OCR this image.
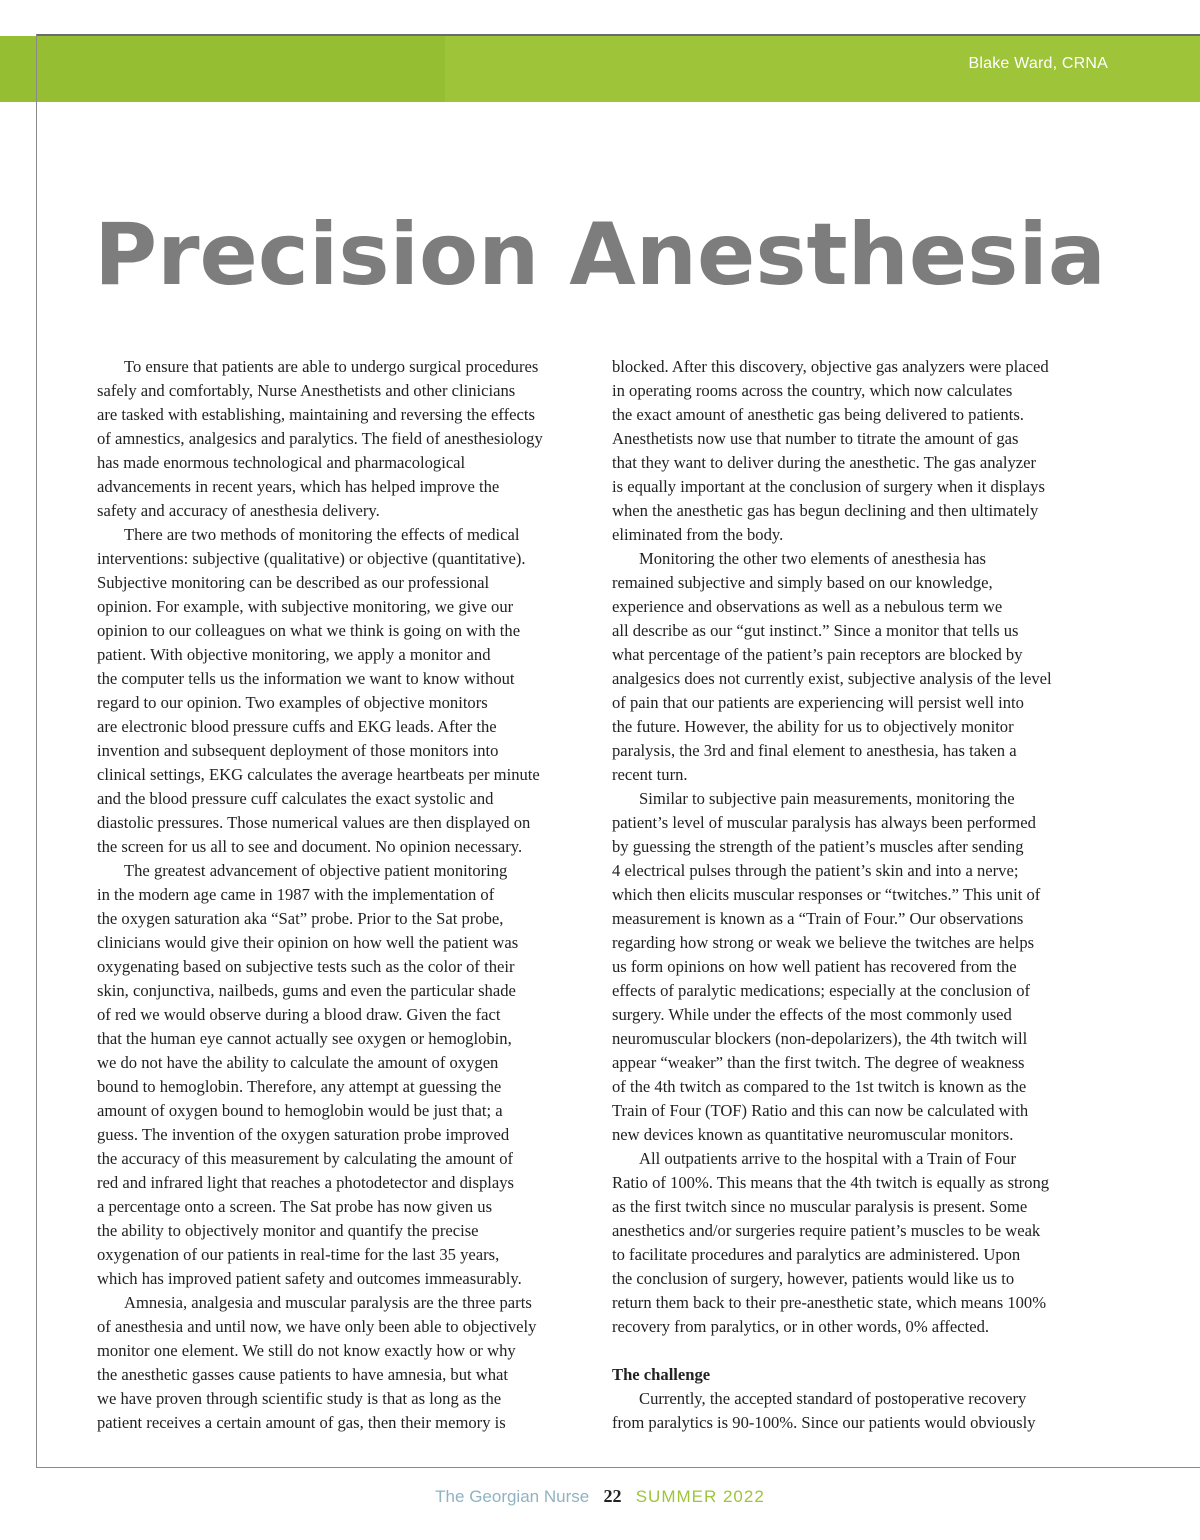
Blake Ward, CRNA
Precision Anesthesia
To ensure that patients are able to undergo surgical procedures
safely and comfortably, Nurse Anesthetists and other clinicians
are tasked with establishing, maintaining and reversing the effects
of amnestics, analgesics and paralytics. The field of anesthesiology
has made enormous technological and pharmacological
advancements in recent years, which has helped improve the
safety and accuracy of anesthesia delivery.
There are two methods of monitoring the effects of medical
interventions: subjective (qualitative) or objective (quantitative).
Subjective monitoring can be described as our professional
opinion. For example, with subjective monitoring, we give our
opinion to our colleagues on what we think is going on with the
patient. With objective monitoring, we apply a monitor and
the computer tells us the information we want to know without
regard to our opinion. Two examples of objective monitors
are electronic blood pressure cuffs and EKG leads. After the
invention and subsequent deployment of those monitors into
clinical settings, EKG calculates the average heartbeats per minute
and the blood pressure cuff calculates the exact systolic and
diastolic pressures. Those numerical values are then displayed on
the screen for us all to see and document. No opinion necessary.
The greatest advancement of objective patient monitoring
in the modern age came in 1987 with the implementation of
the oxygen saturation aka “Sat” probe. Prior to the Sat probe,
clinicians would give their opinion on how well the patient was
oxygenating based on subjective tests such as the color of their
skin, conjunctiva, nailbeds, gums and even the particular shade
of red we would observe during a blood draw. Given the fact
that the human eye cannot actually see oxygen or hemoglobin,
we do not have the ability to calculate the amount of oxygen
bound to hemoglobin. Therefore, any attempt at guessing the
amount of oxygen bound to hemoglobin would be just that; a
guess. The invention of the oxygen saturation probe improved
the accuracy of this measurement by calculating the amount of
red and infrared light that reaches a photodetector and displays
a percentage onto a screen. The Sat probe has now given us
the ability to objectively monitor and quantify the precise
oxygenation of our patients in real-time for the last 35 years,
which has improved patient safety and outcomes immeasurably.
Amnesia, analgesia and muscular paralysis are the three parts
of anesthesia and until now, we have only been able to objectively
monitor one element. We still do not know exactly how or why
the anesthetic gasses cause patients to have amnesia, but what
we have proven through scientific study is that as long as the
patient receives a certain amount of gas, then their memory is
blocked. After this discovery, objective gas analyzers were placed
in operating rooms across the country, which now calculates
the exact amount of anesthetic gas being delivered to patients.
Anesthetists now use that number to titrate the amount of gas
that they want to deliver during the anesthetic. The gas analyzer
is equally important at the conclusion of surgery when it displays
when the anesthetic gas has begun declining and then ultimately
eliminated from the body.
Monitoring the other two elements of anesthesia has
remained subjective and simply based on our knowledge,
experience and observations as well as a nebulous term we
all describe as our “gut instinct.” Since a monitor that tells us
what percentage of the patient’s pain receptors are blocked by
analgesics does not currently exist, subjective analysis of the level
of pain that our patients are experiencing will persist well into
the future. However, the ability for us to objectively monitor
paralysis, the 3rd and final element to anesthesia, has taken a
recent turn.
Similar to subjective pain measurements, monitoring the
patient’s level of muscular paralysis has always been performed
by guessing the strength of the patient’s muscles after sending
4 electrical pulses through the patient’s skin and into a nerve;
which then elicits muscular responses or “twitches.” This unit of
measurement is known as a “Train of Four.” Our observations
regarding how strong or weak we believe the twitches are helps
us form opinions on how well patient has recovered from the
effects of paralytic medications; especially at the conclusion of
surgery. While under the effects of the most commonly used
neuromuscular blockers (non-depolarizers), the 4th twitch will
appear “weaker” than the first twitch. The degree of weakness
of the 4th twitch as compared to the 1st twitch is known as the
Train of Four (TOF) Ratio and this can now be calculated with
new devices known as quantitative neuromuscular monitors.
All outpatients arrive to the hospital with a Train of Four
Ratio of 100%. This means that the 4th twitch is equally as strong
as the first twitch since no muscular paralysis is present. Some
anesthetics and/or surgeries require patient’s muscles to be weak
to facilitate procedures and paralytics are administered. Upon
the conclusion of surgery, however, patients would like us to
return them back to their pre-anesthetic state, which means 100%
recovery from paralytics, or in other words, 0% affected.
The challenge
Currently, the accepted standard of postoperative recovery
from paralytics is 90-100%. Since our patients would obviously
The Georgian Nurse 22 SUMMER 2022
